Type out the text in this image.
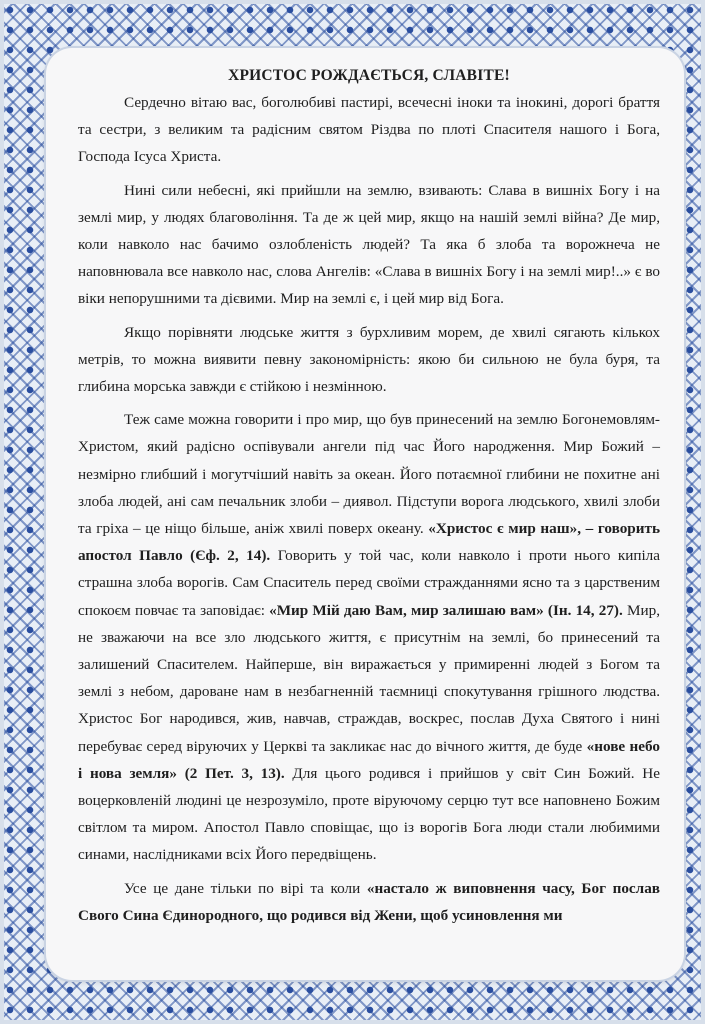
ХРИСТОС РОЖДАЄТЬСЯ, СЛАВІТЕ!

Сердечно вітаю вас, боголюбиві пастирі, всечесні іноки та інокині, дорогі браття та сестри, з великим та радісним святом Різдва по плоті Спасителя нашого і Бога, Господа Ісуса Христа.

Нині сили небесні, які прийшли на землю, взивають: Слава в вишніх Богу і на землі мир, у людях благовоління. Та де ж цей мир, якщо на нашій землі війна? Де мир, коли навколо нас бачимо озлобленість людей? Та яка б злоба та ворожнеча не наповнювала все навколо нас, слова Ангелів: «Слава в вишніх Богу і на землі мир!..» є во віки непорушними та дієвими. Мир на землі є, і цей мир від Бога.

Якщо порівняти людське життя з бурхливим морем, де хвилі сягають кількох метрів, то можна виявити певну закономірність: якою би сильною не була буря, та глибина морська завжди є стійкою і незмінною.

Теж саме можна говорити і про мир, що був принесений на землю Богонемовлям-Христом, який радісно оспівували ангели під час Його народження. Мир Божий – незмірно глибший і могутчіший навіть за океан. Його потаємної глибини не похитне ані злоба людей, ані сам печальник злоби – диявол. Підступи ворога людського, хвилі злоби та гріха – це ніщо більше, аніж хвилі поверх океану. «Христос є мир наш», – говорить апостол Павло (Єф. 2, 14). Говорить у той час, коли навколо і проти нього кипіла страшна злоба ворогів. Сам Спаситель перед своїми стражданнями ясно та з царственим спокоєм повчає та заповідає: «Мир Мій даю Вам, мир залишаю вам» (Ін. 14, 27). Мир, не зважаючи на все зло людського життя, є присутнім на землі, бо принесений та залишений Спасителем. Найперше, він виражається у примиренні людей з Богом та землі з небом, дароване нам в незбагненній таємниці спокутування грішного людства. Христос Бог народився, жив, навчав, страждав, воскрес, послав Духа Святого і нині перебуває серед віруючих у Церкві та закликає нас до вічного життя, де буде «нове небо і нова земля» (2 Пет. 3, 13). Для цього родився і прийшов у світ Син Божий. Не воцерковленій людині це незрозуміло, проте віруючому серцю тут все наповнено Божим світлом та миром. Апостол Павло сповіщає, що із ворогів Бога люди стали любимими синами, наслідниками всіх Його передвіщень.

Усе це дане тільки по вірі та коли «настало ж виповнення часу, Бог послав Свого Сина Єдинородного, що родився від Жени, щоб усиновлення ми
